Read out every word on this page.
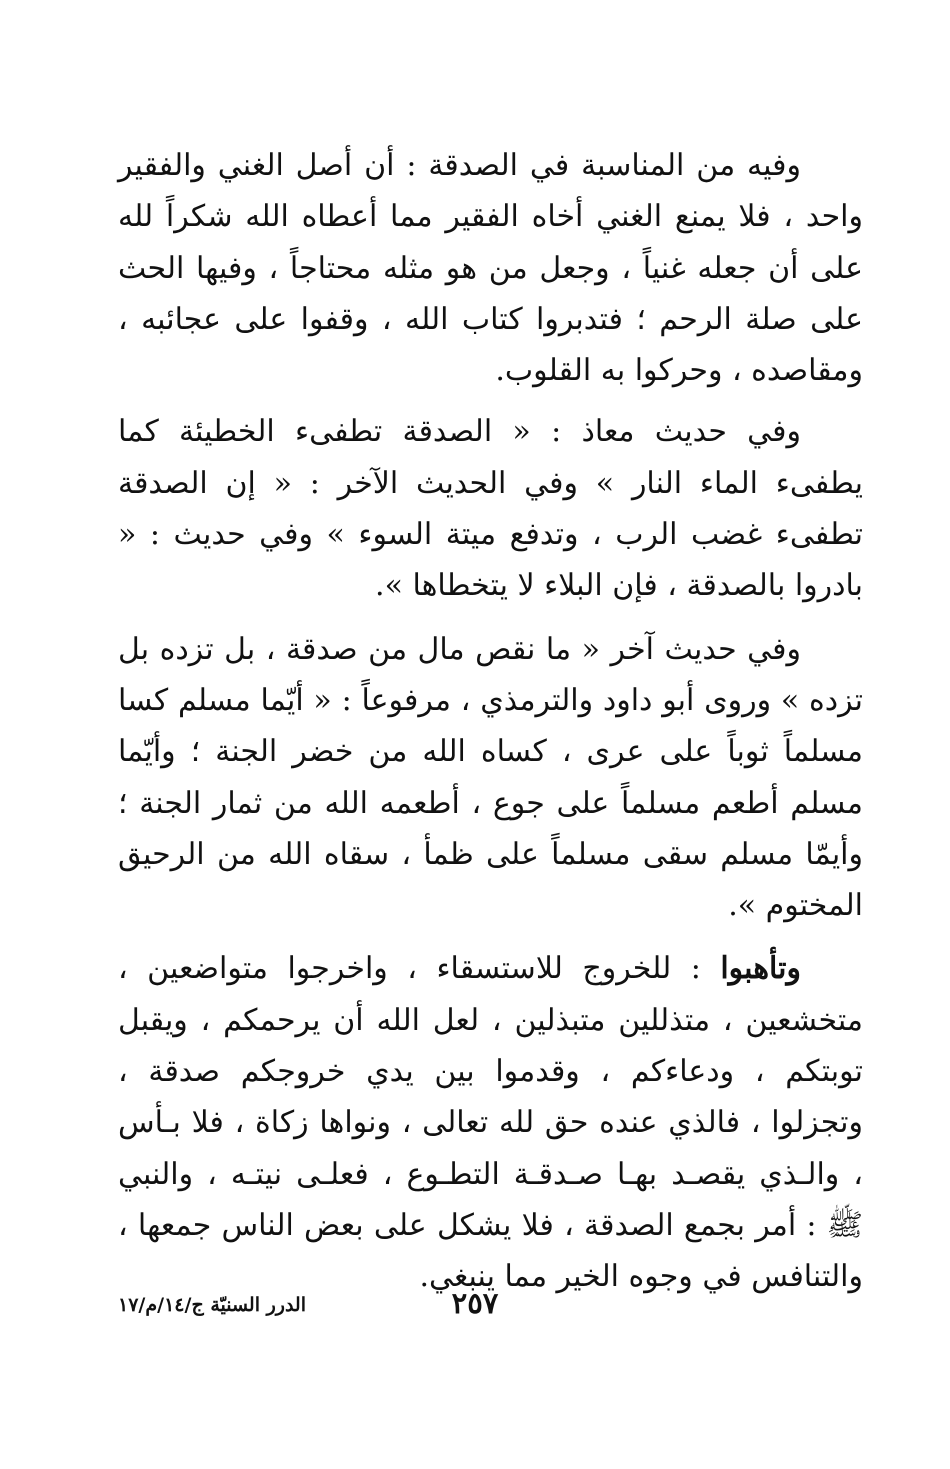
وفيه من المناسبة في الصدقة : أن أصل الغني والفقير واحد ، فلا يمنع الغني أخاه الفقير مما أعطاه الله شكراً لله على أن جعله غنياً ، وجعل من هو مثله محتاجاً ، وفيها الحث على صلة الرحم ؛ فتدبروا كتاب الله ، وقفوا على عجائبه ، ومقاصده ، وحركوا به القلوب.

وفي حديث معاذ : « الصدقة تطفىء الخطيئة كما يطفىء الماء النار » وفي الحديث الآخر : « إن الصدقة تطفىء غضب الرب ، وتدفع ميتة السوء » وفي حديث : « بادروا بالصدقة ، فإن البلاء لا يتخطاها ».

وفي حديث آخر « ما نقص مال من صدقة ، بل تزده بل تزده » وروى أبو داود والترمذي ، مرفوعاً : « أيّما مسلم كسا مسلماً ثوباً على عرى ، كساه الله من خضر الجنة ؛ وأيّما مسلم أطعم مسلماً على جوع ، أطعمه الله من ثمار الجنة ؛ وأيمّا مسلم سقى مسلماً على ظمأ ، سقاه الله من الرحيق المختوم ».

وتأهبوا : للخروج للاستسقاء ، واخرجوا متواضعين ، متخشعين ، متذللين متبذلين ، لعل الله أن يرحمكم ، ويقبل توبتكم ، ودعاءكم ، وقدموا بين يدي خروجكم صدقة ، وتجزلوا ، فالذي عنده حق لله تعالى ، ونواها زكاة ، فلا بـأس ، والـذي يقصـد بهـا صـدقـة التطـوع ، فعلـى نيتـه ، والنبي ﷺ : أمر بجمع الصدقة ، فلا يشكل على بعض الناس جمعها ، والتنافس في وجوه الخير مما ينبغي.

٢٥٧
الدرر السنيّة ج/١٤/م/١٧
